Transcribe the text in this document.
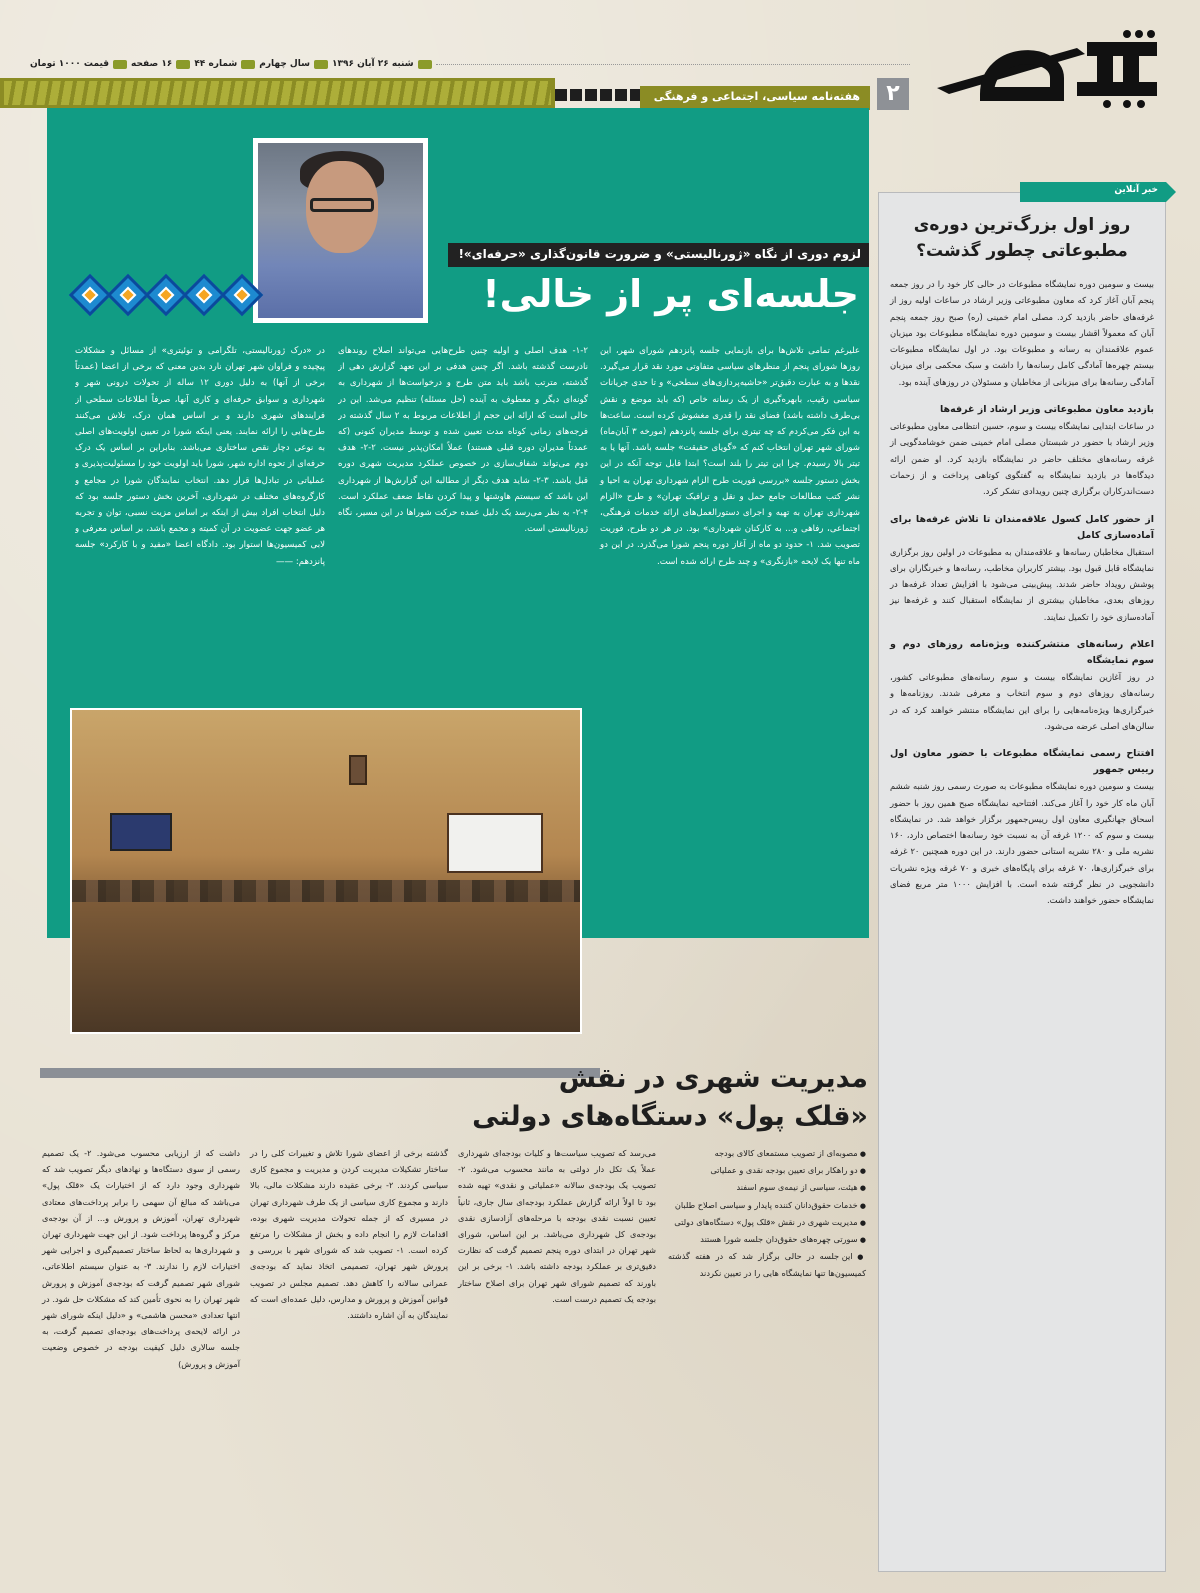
۲
شنبه ۲۶ آبان ۱۳۹۶
سال چهارم
شماره ۴۴
۱۶ صفحه
قیمت ۱۰۰۰ تومان
هفته‌نامه سیاسی، اجتماعی و فرهنگی
لزوم دوری از نگاه «ژورنالیستی» و ضرورت قانون‌گذاری «حرفه‌ای»!
جلسه‌ای پر از خالی!
علیرغم تمامی تلاش‌ها برای بازنمایی جلسه پانزدهم شورای شهر، این روزها شورای پنجم از منظرهای سیاسی متفاوتی مورد نقد قرار می‌گیرد. نقدها و به عبارت دقیق‌تر «حاشیه‌پردازی‌های سطحی» و تا حدی جریانات سیاسی رقیب، بابهره‌گیری از یک رسانه خاص (که باید موضع و نقش بی‌طرف داشته باشد) فضای نقد را قدری مغشوش کرده است. ساعت‌ها به این فکر می‌کردم که چه تیتری برای جلسه پانزدهم (مورخه ۳ آبان‌ماه) شورای شهر تهران انتخاب کنم که «گویای حقیقت» جلسه باشد. آنها یا به تیتر بالا رسیدم. چرا این تیتر را بلند است؟ ابتدا قابل توجه آنکه در این بخش دستور جلسه «بررسی فوریت طرح الزام شهرداری تهران به احیا و نشر کتب مطالعات جامع حمل و نقل و ترافیک تهران» و طرح «الزام شهرداری تهران به تهیه و اجرای دستورالعمل‌های ارائه خدمات فرهنگی، اجتماعی، رفاهی و... به کارکنان شهرداری» بود. در هر دو طرح، فوریت تصویب شد. ۱- حدود دو ماه از آغاز دوره پنجم شورا می‌گذرد. در این دو ماه تنها یک لایحه «بازنگری» و چند طرح ارائه شده است.
۱-۲- هدف اصلی و اولیه چنین طرح‌هایی می‌تواند اصلاح روندهای نادرست گذشته باشد. اگر چنین هدفی بر این تعهد گزارش دهی از گذشته، مترتب باشد باید متن طرح و درخواست‌ها از شهرداری به گونه‌ای دیگر و معطوف به آینده (حل مسئله) تنظیم می‌شد. این در حالی است که ارائه این حجم از اطلاعات مربوط به ۲ سال گذشته در فرجه‌های زمانی کوتاه مدت تعیین شده و توسط مدیران کنونی (که عمدتاً مدیران دوره قبلی هستند) عملاً امکان‌پذیر نیست. ۲-۲- هدف دوم می‌تواند شفاف‌سازی در خصوص عملکرد مدیریت شهری دوره قبل باشد. ۳-۲- شاید هدف دیگر از مطالبه این گزارش‌ها از شهرداری این باشد که سیستم هاوشتها و پیدا کردن نقاط ضعف عملکرد است. ۴-۲- به نظر می‌رسد یک دلیل عمده حرکت شوراها در این مسیر، نگاه ژورنالیستی است.
در «درک ژورنالیستی، تلگرامی و توئیتری» از مسائل و مشکلات پیچیده و فراوان شهر تهران نارد بدین معنی که برخی از اعضا (عمدتاً برخی از آنها) به دلیل دوری ۱۲ ساله از تحولات درونی شهر و شهرداری و سوابق حرفه‌ای و کاری آنها، صرفاً اطلاعات سطحی از فرایندهای شهری دارند و بر اساس همان درک، تلاش می‌کنند طرح‌هایی را ارائه نمایند. یعنی اینکه شورا در تعیین اولویت‌های اصلی به نوعی دچار نقص ساختاری می‌باشد. بنابراین بر اساس یک درک حرفه‌ای از تحوه اداره شهر، شورا باید اولویت خود را مسئولیت‌پذیری و عملیاتی در تبادل‌ها قرار دهد. انتخاب نمایندگان شورا در مجامع و کارگروه‌های مختلف در شهرداری، آخرین بخش دستور جلسه بود که دلیل انتخاب افراد بیش از اینکه بر اساس مزیت نسبی، توان و تجربه هر عضو جهت عضویت در آن کمیته و مجمع باشد، بر اساس معرفی و لابی کمیسیون‌ها استوار بود. دادگاه اعضا «مفید و با کارکرد» جلسه پانزدهم: ——
خبر آنلاین
روز اول بزرگ‌ترین دوره‌ی مطبوعاتی چطور گذشت؟

بیست و سومین دوره نمایشگاه مطبوعات در حالی کار خود را در روز جمعه پنجم آبان آغاز کرد که معاون مطبوعاتی وزیر ارشاد در ساعات اولیه روز از غرفه‌های حاضر بازدید کرد. مصلی امام خمینی (ره) صبح روز جمعه پنجم آبان که معمولاً اقشار بیست و سومین دوره نمایشگاه مطبوعات بود میزبان عموم علاقمندان به رسانه و مطبوعات بود. در اول نمایشگاه مطبوعات بیستم چهره‌ها آمادگی کامل رسانه‌ها را داشت و سبک محکمی برای میزبان آمادگی رسانه‌ها برای میزبانی از مخاطبان و مسئولان در روزهای آینده بود.

بازدید معاون مطبوعاتی وزیر ارشاد از غرفه‌ها

در ساعات ابتدایی نمایشگاه بیست و سوم، حسین انتظامی معاون مطبوعاتی وزیر ارشاد با حضور در شبستان مصلی امام خمینی ضمن خوشامدگویی از غرفه رسانه‌های مختلف حاضر در نمایشگاه بازدید کرد. او ضمن ارائه دیدگاه‌ها در بازدید نمایشگاه به گفتگوی کوتاهی پرداخت و از زحمات دست‌اندرکاران برگزاری چنین رویدادی تشکر کرد.

از حضور کامل کسول علاقه‌مندان تا تلاش غرفه‌ها برای آماده‌سازی کامل

استقبال مخاطبان رسانه‌ها و علاقه‌مندان به مطبوعات در اولین روز برگزاری نمایشگاه قابل قبول بود. بیشتر کاربران مخاطب، رسانه‌ها و خبرنگاران برای پوشش رویداد حاضر شدند. پیش‌بینی می‌شود با افزایش تعداد غرفه‌ها در روزهای بعدی، مخاطبان بیشتری از نمایشگاه استقبال کنند و غرفه‌ها نیز آماده‌سازی خود را تکمیل نمایند.

اعلام رسانه‌های منتشرکننده ویژه‌نامه روزهای دوم و سوم نمایشگاه

در روز آغازین نمایشگاه بیست و سوم رسانه‌های مطبوعاتی کشور، رسانه‌های روزهای دوم و سوم انتخاب و معرفی شدند. روزنامه‌ها و خبرگزاری‌ها ویژه‌نامه‌هایی را برای این نمایشگاه منتشر خواهند کرد که در سالن‌های اصلی عرضه می‌شود.

افتتاح رسمی نمایشگاه مطبوعات با حضور معاون اول رییس جمهور

بیست و سومین دوره نمایشگاه مطبوعات به صورت رسمی روز شنبه ششم آبان ماه کار خود را آغاز می‌کند. افتتاحیه نمایشگاه صبح همین روز با حضور اسحاق جهانگیری معاون اول رییس‌جمهور برگزار خواهد شد. در نمایشگاه بیست و سوم که ۱۲۰۰ غرفه آن به نسبت خود رسانه‌ها اختصاص دارد، ۱۶۰ نشریه ملی و ۲۸۰ نشریه استانی حضور دارند. در این دوره همچنین ۲۰ غرفه برای خبرگزاری‌ها، ۷۰ غرفه برای پایگاه‌های خبری و ۷۰ غرفه ویژه نشریات دانشجویی در نظر گرفته شده است. با افزایش ۱۰۰۰ متر مربع فضای نمایشگاه حضور خواهند داشت.

مدیریت شهری در نقش
«قلک پول» دستگاه‌های دولتی
● مصوبه‌ای از تصویب مستمعای کالای بودجه
● دو راهکار برای تعیین بودجه نقدی و عملیاتی
● هیئت، سیاسی از نیمه‌ی سوم اسفند
● خدمات حقوق‌دانان کننده پایدار و سیاسی اصلاح طلبان
● مدیریت شهری در نقش «قلک پول» دستگاه‌های دولتی
● سورتی چهره‌های حقوق‌دان جلسه شورا هستند
● این جلسه در حالی برگزار شد که در هفته گذشته کمیسیون‌ها تنها نمایشگاه هایی را در تعیین نکردند
می‌رسد که تصویب سیاست‌ها و کلیات بودجه‌ای شهرداری عملاً یک تکل دار دولتی به مانند محسوب می‌شود. ۲- تصویب یک بودجه‌ی سالانه «عملیاتی و نقدی» تهیه شده بود تا اولاً ارائه گزارش عملکرد بودجه‌ای سال جاری، ثانیاً تعیین نسبت نقدی بودجه با مرحله‌های آزادسازی نقدی بودجه‌ی کل شهرداری می‌باشد. بر این اساس، شورای شهر تهران در ابتدای دوره پنجم تصمیم گرفت که نظارت دقیق‌تری بر عملکرد بودجه داشته باشد. ۱- برخی بر این باورند که تصمیم شورای شهر تهران برای اصلاح ساختار بودجه یک تصمیم درست است.
گذشته برخی از اعضای شورا تلاش و تغییرات کلی را در ساختار تشکیلات مدیریت کردن و مدیریت و مجموع کاری سیاسی کردند. ۲- برخی عقیده دارند مشکلات مالی، بالا دارند و مجموع کاری سیاسی از یک طرف شهرداری تهران در مسیری که از جمله تحولات مدیریت شهری بوده، اقدامات لازم را انجام داده و بخش از مشکلات را مرتفع کرده است. ۱- تصویب شد که شورای شهر با بررسی و پرورش شهر تهران، تصمیمی اتخاذ نماید که بودجه‌ی عمرانی سالانه را کاهش دهد. تصمیم مجلس در تصویب قوانین آموزش و پرورش و مدارس، دلیل عمده‌ای است که نمایندگان به آن اشاره داشتند.
داشت که از ارزیابی محسوب می‌شود. ۲- یک تصمیم رسمی از سوی دستگاه‌ها و نهادهای دیگر تصویب شد که شهرداری وجود دارد که از اختیارات یک «قلک پول» می‌باشد که مبالغ آن سهمی را برابر پرداخت‌های معتادی شهرداری تهران، آموزش و پرورش و... از آن بودجه‌ی مرکز و گروه‌ها پرداخت شود. از این جهت شهرداری تهران و شهرداری‌ها به لحاظ ساختار تصمیم‌گیری و اجرایی شهر اختیارات لازم را ندارند. ۳- به عنوان سیستم اطلاعاتی، شورای شهر تصمیم گرفت که بودجه‌ی آموزش و پرورش شهر تهران را به نحوی تأمین کند که مشکلات حل شود. در انتها تعدادی «محسن هاشمی» و «دلیل اینکه شورای شهر در ارائه لایحه‌ی پرداخت‌های بودجه‌ای تصمیم گرفت، به جلسه سالاری دلیل کیفیت بودجه در خصوص وضعیت آموزش و پرورش)
